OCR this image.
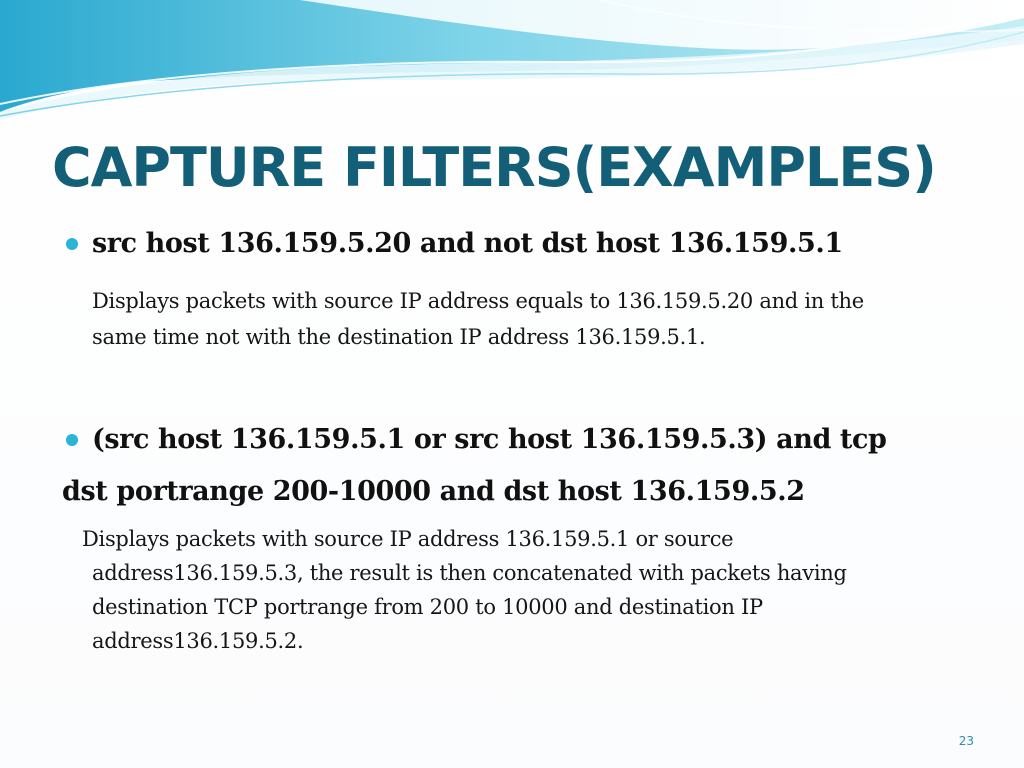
CAPTURE FILTERS(EXAMPLES)

src host 136.159.5.20 and not dst host 136.159.5.1

Displays packets with source IP address equals to 136.159.5.20 and in the

same time not with the destination IP address 136.159.5.1.

(src host 136.159.5.1 or src host 136.159.5.3) and tcp

dst portrange 200-10000 and dst host 136.159.5.2

Displays packets with source IP address 136.159.5.1 or source

address136.159.5.3, the result is then concatenated with packets having

destination TCP portrange from 200 to 10000 and destination IP

address136.159.5.2.

23
